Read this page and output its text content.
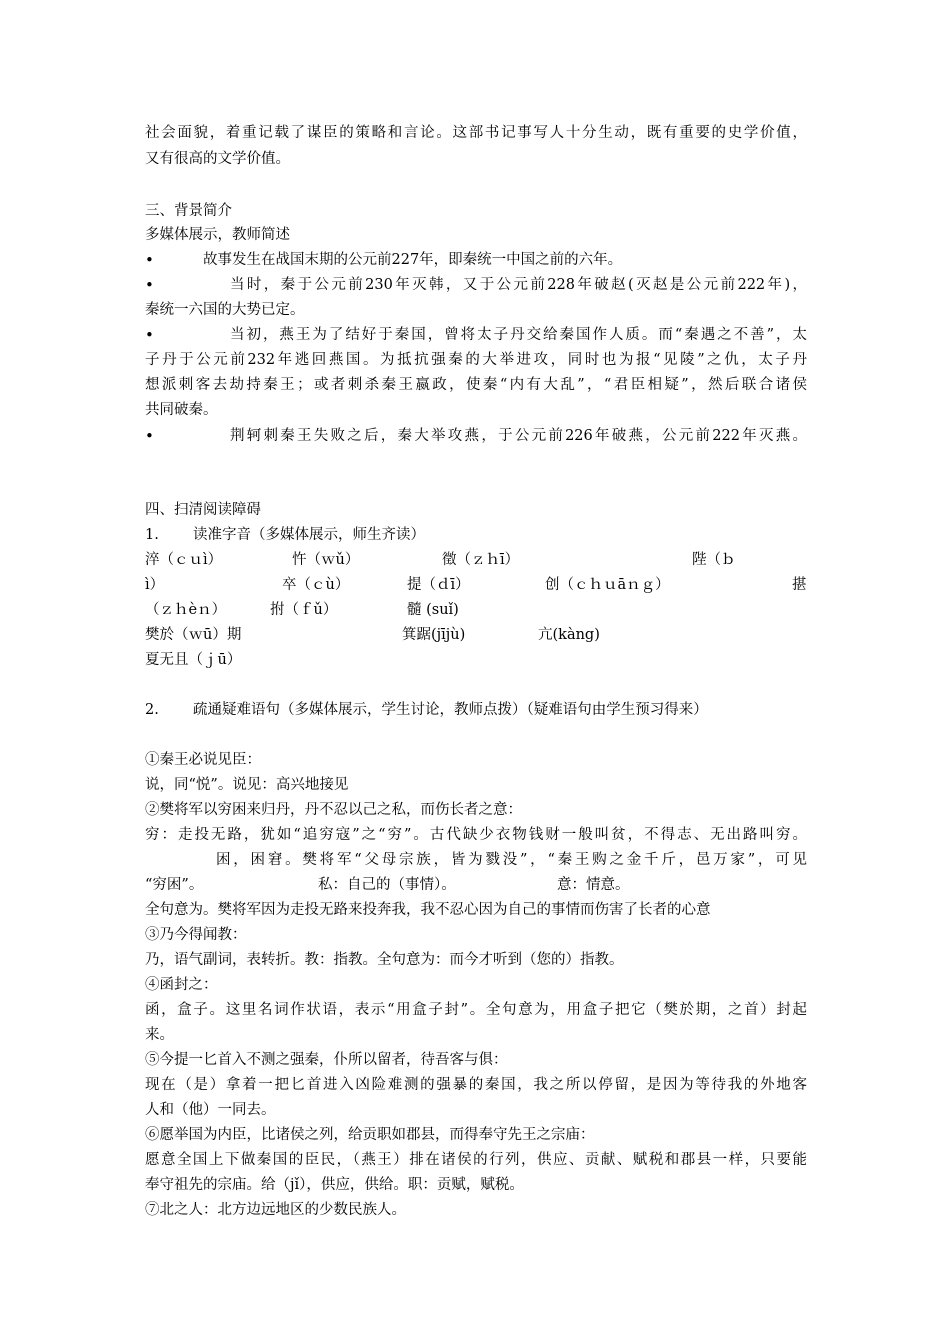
社会面貌，着重记载了谋臣的策略和言论。这部书记事写人十分生动，既有重要的史学价值，
又有很高的文学价值。
三、背景简介
多媒体展示，教师简述
•	故事发生在战国末期的公元前227年，即秦统一中国之前的六年。
•	当时，秦于公元前230年灭韩，又于公元前228年破赵(灭赵是公元前222年)，
秦统一六国的大势已定。
•	当初，燕王为了结好于秦国，曾将太子丹交给秦国作人质。而“秦遇之不善”，太
子丹于公元前232年逃回燕国。为抵抗强秦的大举进攻，同时也为报“见陵”之仇，太子丹
想派刺客去劫持秦王；或者刺杀秦王嬴政，使秦“内有大乱”，“君臣相疑”，然后联合诸侯
共同破秦。
•	荆轲刺秦王失败之后，秦大举攻燕，于公元前226年破燕，公元前222年灭燕。
四、扫清阅读障碍
1. 读准字音（多媒体展示，师生齐读）
淬（ｃｕì）	忤（ｗǔ）	徵（ｚｈī）	陛（ｂ
ì）	卒（ｃù）	提（ｄī）	创（ｃｈｕāｎｇ）	揕
（ｚｈèｎ）	拊（ｆǔ）	髓 (suǐ)
樊於（ｗū）期	箕踞(jījù)	亢(kàng)
夏无且（ｊū）
2. 疏通疑难语句（多媒体展示，学生讨论，教师点拨）（疑难语句由学生预习得来）
①秦王必说见臣：
说，同“悦”。说见：高兴地接见
②樊将军以穷困来归丹，丹不忍以己之私，而伤长者之意：
穷：走投无路，犹如“追穷寇”之“穷”。古代缺少衣物钱财一般叫贫，不得志、无出路叫穷。
困，困窘。樊将军“父母宗族，皆为戮没”，“秦王购之金千斤，邑万家”，可见
“穷困”。	私：自己的（事情）。	意：情意。
全句意为。樊将军因为走投无路来投奔我，我不忍心因为自己的事情而伤害了长者的心意
③乃今得闻教：
乃，语气副词，表转折。教：指教。全句意为：而今才听到（您的）指教。
④函封之：
函，盒子。这里名词作状语，表示“用盒子封”。全句意为，用盒子把它（樊於期，之首）封起
来。
⑤今提一匕首入不测之强秦，仆所以留者，待吾客与俱：
现在（是）拿着一把匕首进入凶险难测的强暴的秦国，我之所以停留，是因为等待我的外地客
人和（他）一同去。
⑥愿举国为内臣，比诸侯之列，给贡职如郡县，而得奉守先王之宗庙：
愿意全国上下做秦国的臣民，（燕王）排在诸侯的行列，供应、贡献、赋税和郡县一样，只要能
奉守祖先的宗庙。给（jǐ），供应，供给。职：贡赋，赋税。
⑦北之人：北方边远地区的少数民族人。
